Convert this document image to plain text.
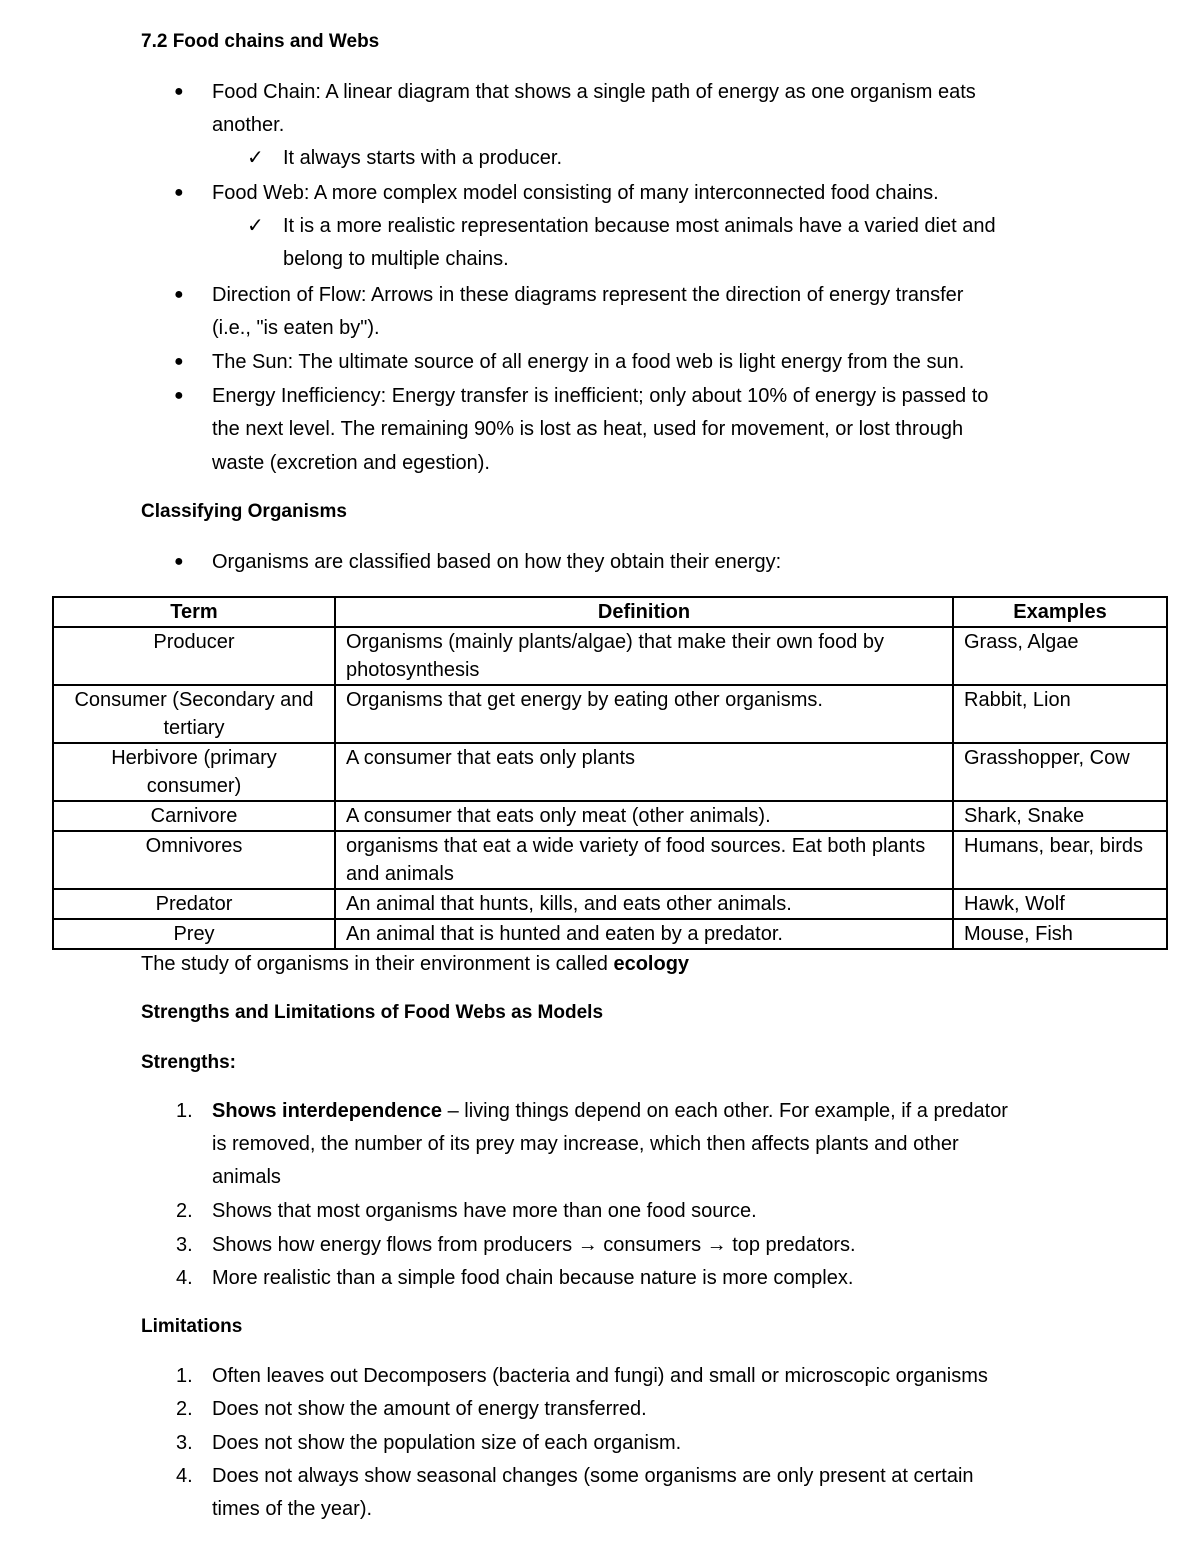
7.2 Food chains and Webs
● Food Chain: A linear diagram that shows a single path of energy as one organism eats
another.
✓ It always starts with a producer.
● Food Web: A more complex model consisting of many interconnected food chains.
✓ It is a more realistic representation because most animals have a varied diet and
belong to multiple chains.
● Direction of Flow: Arrows in these diagrams represent the direction of energy transfer
(i.e., "is eaten by").
● The Sun: The ultimate source of all energy in a food web is light energy from the sun.
● Energy Inefficiency: Energy transfer is inefficient; only about 10% of energy is passed to
the next level. The remaining 90% is lost as heat, used for movement, or lost through
waste (excretion and egestion).
Classifying Organisms
● Organisms are classified based on how they obtain their energy:
Term	Definition	Examples
Producer	Organisms (mainly plants/algae) that make their own food by photosynthesis	Grass, Algae
Consumer (Secondary and tertiary	Organisms that get energy by eating other organisms.	Rabbit, Lion
Herbivore (primary consumer)	A consumer that eats only plants	Grasshopper, Cow
Carnivore	A consumer that eats only meat (other animals).	Shark, Snake
Omnivores	organisms that eat a wide variety of food sources. Eat both plants and animals	Humans, bear, birds
Predator	An animal that hunts, kills, and eats other animals.	Hawk, Wolf
Prey	An animal that is hunted and eaten by a predator.	Mouse, Fish
The study of organisms in their environment is called ecology
Strengths and Limitations of Food Webs as Models
Strengths:
1. Shows interdependence – living things depend on each other. For example, if a predator
is removed, the number of its prey may increase, which then affects plants and other
animals
2. Shows that most organisms have more than one food source.
3. Shows how energy flows from producers → consumers → top predators.
4. More realistic than a simple food chain because nature is more complex.
Limitations
1. Often leaves out Decomposers (bacteria and fungi) and small or microscopic organisms
2. Does not show the amount of energy transferred.
3. Does not show the population size of each organism.
4. Does not always show seasonal changes (some organisms are only present at certain
times of the year).
